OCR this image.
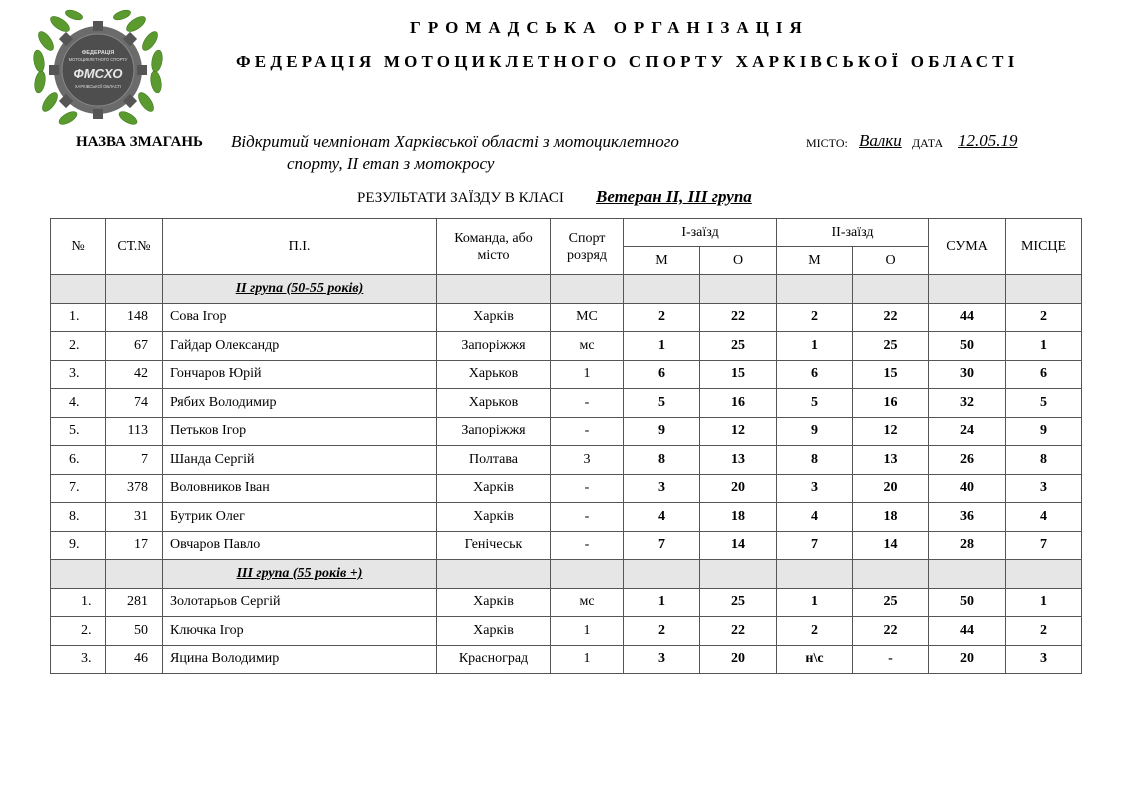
ФЕДЕРАЦІЯ
МОТОЦИКЛЕТНОГО СПОРТУ
ФМСХО
ХАРКІВСЬКОЇ ОБЛАСТІ
ГРОМАДСЬКА ОРГАНІЗАЦІЯ
ФЕДЕРАЦІЯ МОТОЦИКЛЕТНОГО СПОРТУ ХАРКІВСЬКОЇ ОБЛАСТІ
НАЗВА ЗМАГАНЬ Відкритий чемпіонат Харківської області з мотоциклетного
спорту, ІІ етап з мотокросу
МІСТО: Валки ДАТА 12.05.19
РЕЗУЛЬТАТИ ЗАЇЗДУ В КЛАСІ Ветеран ІІ, ІІІ група
№	СТ.№	П.І.	Команда, або місто	Спорт розряд	І-заїзд		ІІ-заїзд		СУМА	МІСЦЕ
					М	О	М	О		
		ІІ група (50-55 років)								
1.	148	Сова Ігор	Харків	МС	2	22	2	22	44	2
2.	67	Гайдар Олександр	Запоріжжя	мс	1	25	1	25	50	1
3.	42	Гончаров Юрій	Харьков	1	6	15	6	15	30	6
4.	74	Рябих Володимир	Харьков	-	5	16	5	16	32	5
5.	113	Петьков Ігор	Запоріжжя	-	9	12	9	12	24	9
6.	7	Шанда Сергій	Полтава	3	8	13	8	13	26	8
7.	378	Воловников Іван	Харків	-	3	20	3	20	40	3
8.	31	Бутрик Олег	Харків	-	4	18	4	18	36	4
9.	17	Овчаров Павло	Генічеськ	-	7	14	7	14	28	7
		ІІІ група (55 років +)								
1.	281	Золотарьов Сергій	Харків	мс	1	25	1	25	50	1
2.	50	Ключка Ігор	Харків	1	2	22	2	22	44	2
3.	46	Яцина Володимир	Красноград	1	3	20	н\с	-	20	3
